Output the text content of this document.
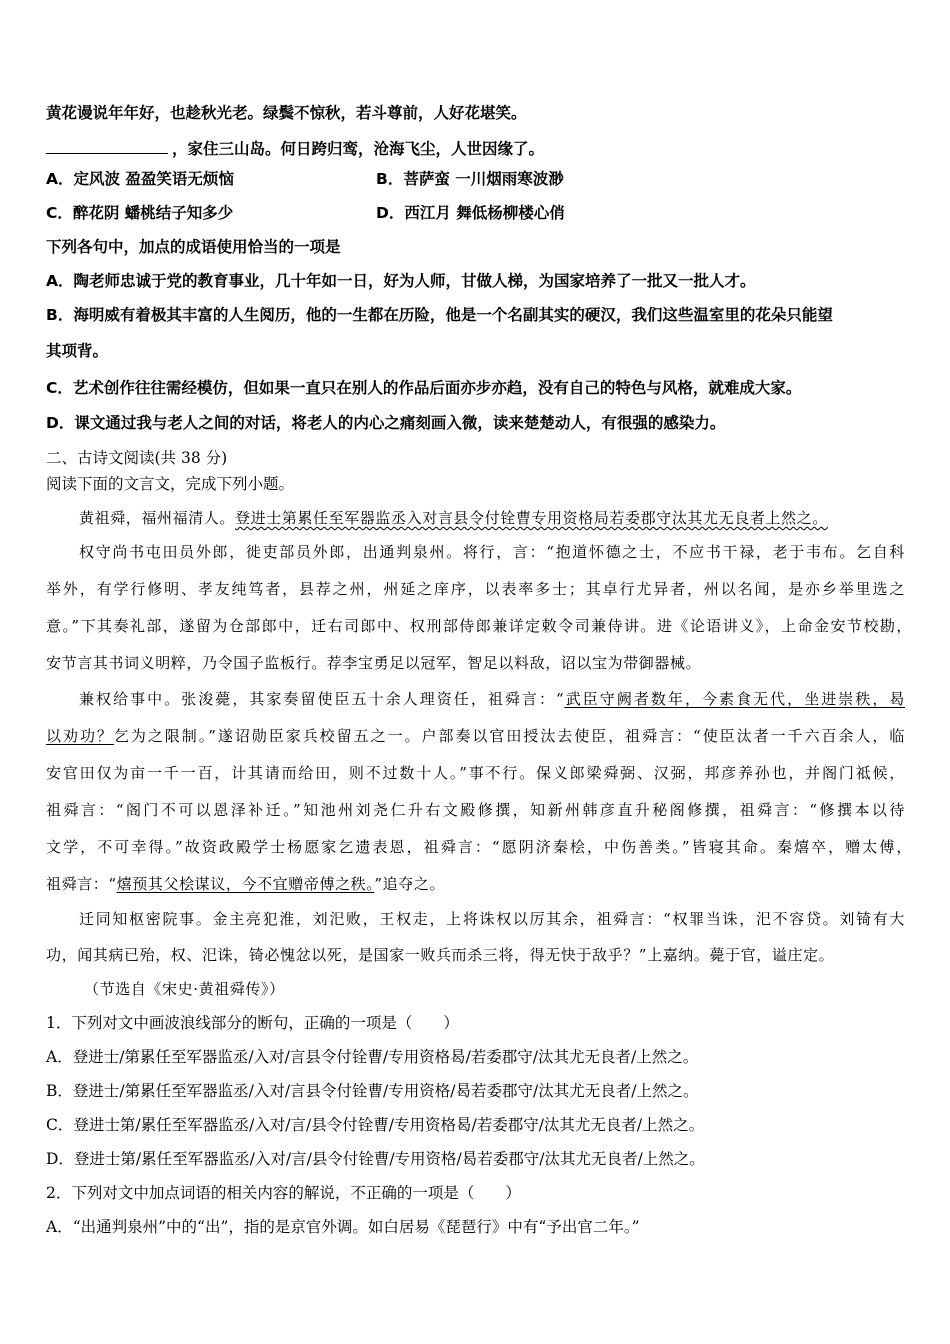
黄花谩说年年好，也趁秋光老。绿鬓不惊秋，若斗尊前，人好花堪笑。
，家住三山岛。何日跨归鸾，沧海飞尘，人世因缘了。
A．定风波 盈盈笑语无烦恼	B．菩萨蛮 一川烟雨寒波渺
C．醉花阴 蟠桃结子知多少	D．西江月 舞低杨柳楼心俏
下列各句中，加点的成语使用恰当的一项是
A．陶老师忠诚于党的教育事业，几十年如一日，好为人师，甘做人梯，为国家培养了一批又一批人才。
B．海明威有着极其丰富的人生阅历，他的一生都在历险，他是一个名副其实的硬汉，我们这些温室里的花朵只能望
其项背。
C．艺术创作往往需经模仿，但如果一直只在别人的作品后面亦步亦趋，没有自己的特色与风格，就难成大家。
D．课文通过我与老人之间的对话，将老人的内心之痛刻画入微，读来楚楚动人，有很强的感染力。
二、古诗文阅读(共 38 分)
阅读下面的文言文，完成下列小题。
黄祖舜，福州福清人。登进士第累任至军器监丞入对言县令付铨曹专用资格局若委郡守汰其尤无良者上然之。
权守尚书屯田员外郎，徙吏部员外郎，出通判泉州。将行，言：“抱道怀德之士，不应书干禄，老于韦布。乞自科
举外，有学行修明、孝友纯笃者，县荐之州，州延之庠序，以表率多士；其卓行尤异者，州以名闻，是亦乡举里选之
意。”下其奏礼部，遂留为仓部郎中，迁右司郎中、权刑部侍郎兼详定敕令司兼侍讲。进《论语讲义》，上命金安节校勘，
安节言其书词义明粹，乃令国子监板行。荐李宝勇足以冠军，智足以料敌，诏以宝为带御器械。
兼权给事中。张浚薨，其家奏留使臣五十余人理资任，祖舜言：“武臣守阙者数年，今素食无代，坐进崇秩，曷
以劝功？乞为之限制。”遂诏勋臣家兵校留五之一。户部奏以官田授汰去使臣，祖舜言：“使臣汰者一千六百余人，临
安官田仅为亩一千一百，计其请而给田，则不过数十人。”事不行。保义郎梁舜弼、汉弼，邦彦养孙也，并阁门祗候，
祖舜言：“阁门不可以恩泽补迁。”知池州刘尧仁升右文殿修撰，知新州韩彦直升秘阁修撰，祖舜言：“修撰本以待
文学，不可幸得。”故资政殿学士杨愿家乞遗表恩，祖舜言：“愿阴济秦桧，中伤善类。”皆寝其命。秦熺卒，赠太傅，
祖舜言：“熺预其父桧谋议，今不宜赠帝傅之秩。”追夺之。
迁同知枢密院事。金主亮犯淮，刘汜败，王权走，上将诛权以厉其余，祖舜言：“权罪当诛，汜不容贷。刘锜有大
功，闻其病已殆，权、汜诛，锜必愧忿以死，是国家一败兵而杀三将，得无快于敌乎？”上嘉纳。薨于官，谥庄定。
（节选自《宋史·黄祖舜传》）
1．下列对文中画波浪线部分的断句，正确的一项是（　　）
A．登进士/第累任至军器监丞/入对/言县令付铨曹/专用资格曷/若委郡守/汰其尤无良者/上然之。
B．登进士/第累任至军器监丞/入对/言县令付铨曹/专用资格/曷若委郡守/汰其尤无良者/上然之。
C．登进士第/累任至军器监丞/入对/言/县令付铨曹/专用资格曷/若委郡守/汰其尤无良者/上然之。
D．登进士第/累任至军器监丞/入对/言/县令付铨曹/专用资格/曷若委郡守/汰其尤无良者/上然之。
2．下列对文中加点词语的相关内容的解说，不正确的一项是（　　）
A．“出通判泉州”中的“出”，指的是京官外调。如白居易《琵琶行》中有“予出官二年。”
